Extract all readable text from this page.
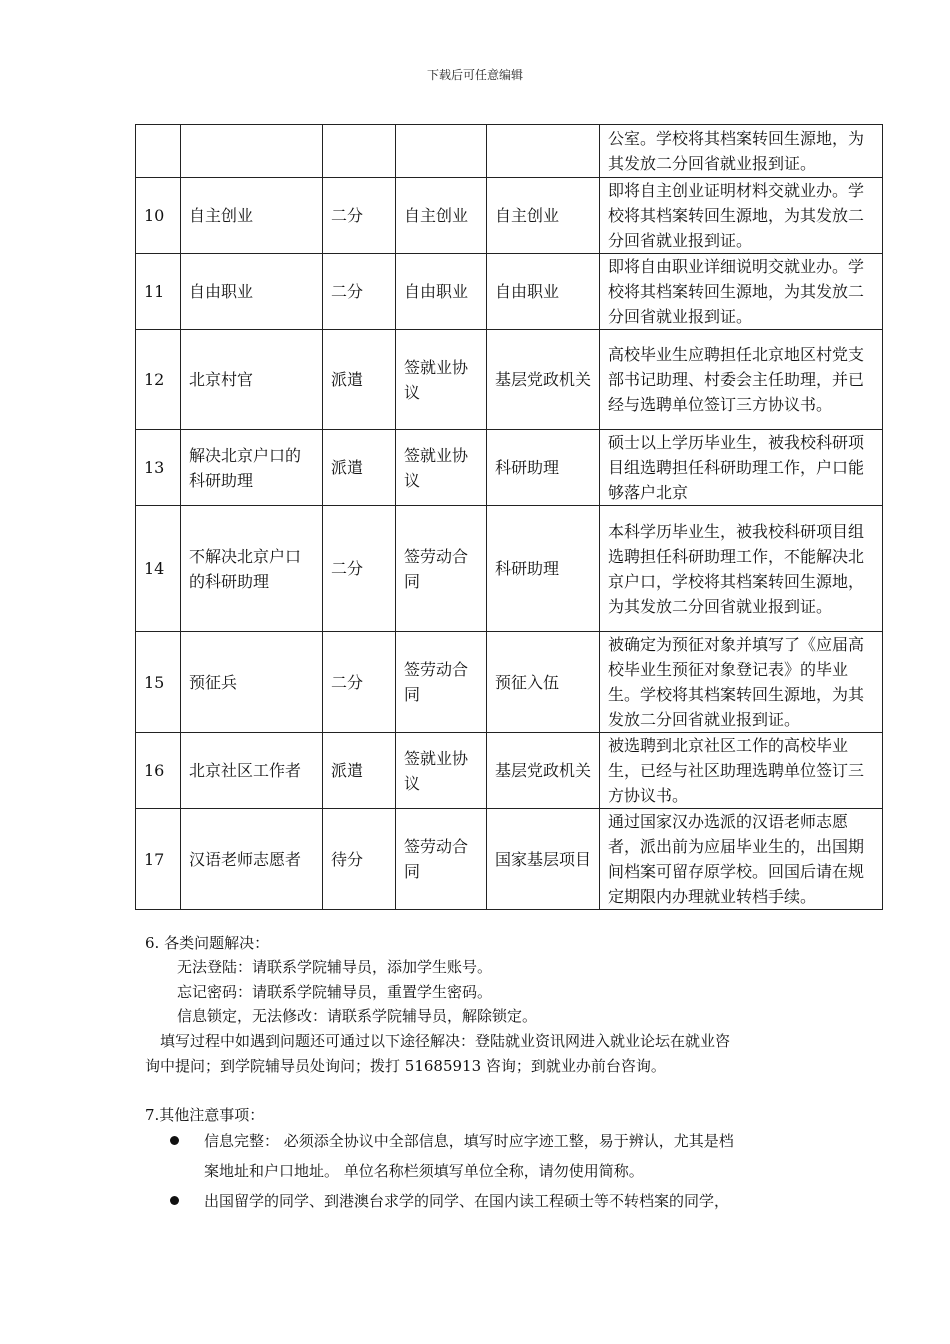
下载后可任意编辑
					公室。学校将其档案转回生源地，为其发放二分回省就业报到证。
10	自主创业	二分	自主创业	自主创业	即将自主创业证明材料交就业办。学校将其档案转回生源地，为其发放二分回省就业报到证。
11	自由职业	二分	自由职业	自由职业	即将自由职业详细说明交就业办。学校将其档案转回生源地，为其发放二分回省就业报到证。
12	北京村官	派遣	签就业协议	基层党政机关	高校毕业生应聘担任北京地区村党支部书记助理、村委会主任助理，并已经与选聘单位签订三方协议书。
13	解决北京户口的科研助理	派遣	签就业协议	科研助理	硕士以上学历毕业生，被我校科研项目组选聘担任科研助理工作，户口能够落户北京
14	不解决北京户口的科研助理	二分	签劳动合同	科研助理	本科学历毕业生，被我校科研项目组选聘担任科研助理工作，不能解决北京户口，学校将其档案转回生源地，为其发放二分回省就业报到证。
15	预征兵	二分	签劳动合同	预征入伍	被确定为预征对象并填写了《应届高校毕业生预征对象登记表》的毕业生。学校将其档案转回生源地，为其发放二分回省就业报到证。
16	北京社区工作者	派遣	签就业协议	基层党政机关	被选聘到北京社区工作的高校毕业生，已经与社区助理选聘单位签订三方协议书。
17	汉语老师志愿者	待分	签劳动合同	国家基层项目	通过国家汉办选派的汉语老师志愿者，派出前为应届毕业生的，出国期间档案可留存原学校。回国后请在规定期限内办理就业转档手续。
6. 各类问题解决：
无法登陆：请联系学院辅导员，添加学生账号。
忘记密码：请联系学院辅导员，重置学生密码。
信息锁定，无法修改：请联系学院辅导员，解除锁定。
填写过程中如遇到问题还可通过以下途径解决：登陆就业资讯网进入就业论坛在就业咨
询中提问；到学院辅导员处询问；拨打 51685913 咨询；到就业办前台咨询。
7.其他注意事项：
信息完整： 必须添全协议中全部信息，填写时应字迹工整，易于辨认，尤其是档
案地址和户口地址。 单位名称栏须填写单位全称，请勿使用简称。
出国留学的同学、到港澳台求学的同学、在国内读工程硕士等不转档案的同学，
